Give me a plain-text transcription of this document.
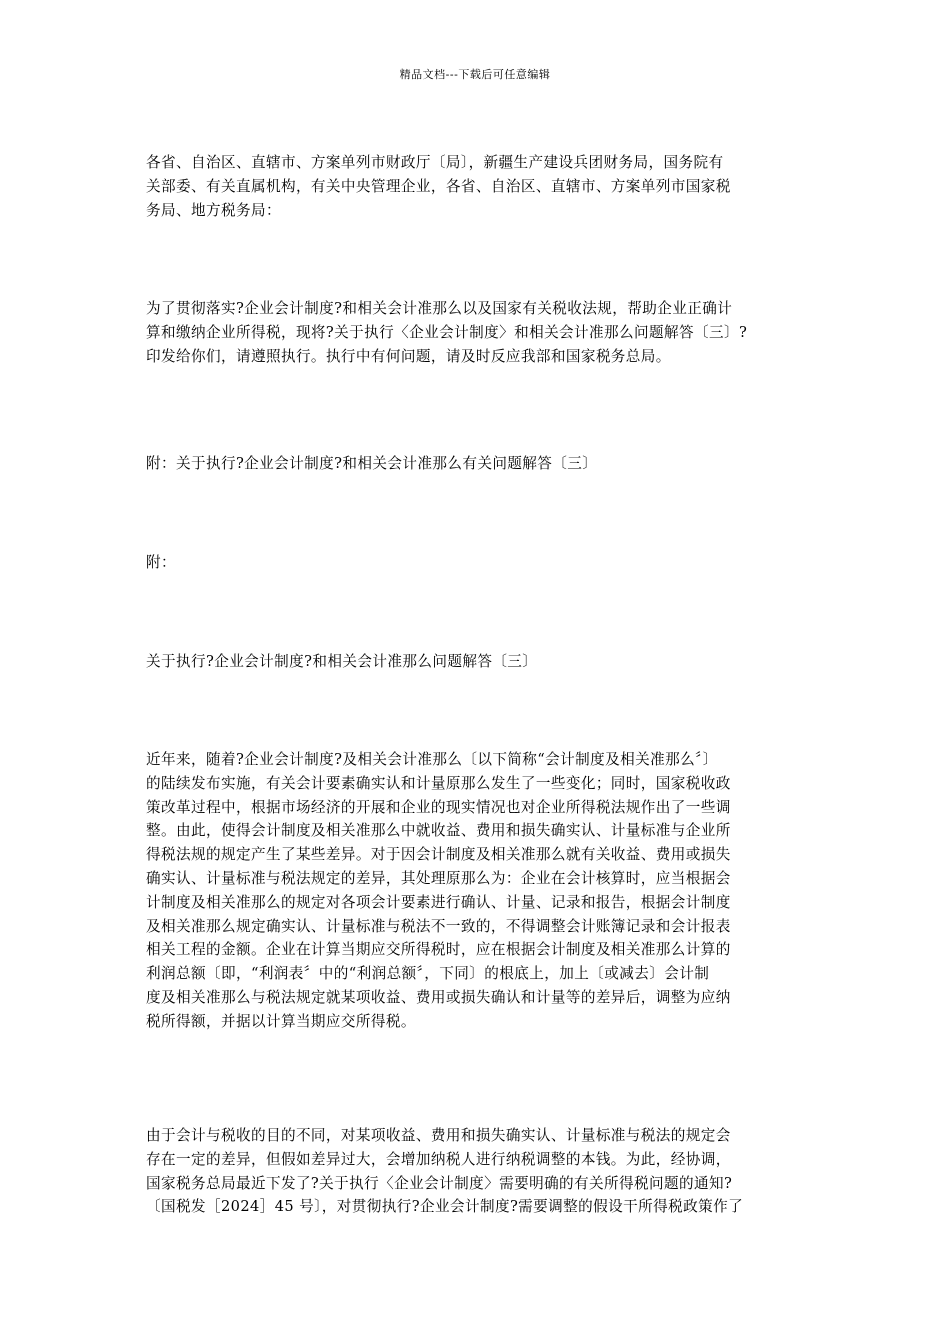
精品文档---下载后可任意编辑
各省、自治区、直辖市、方案单列市财政厅〔局〕，新疆生产建设兵团财务局，国务院有
关部委、有关直属机构，有关中央管理企业，各省、自治区、直辖市、方案单列市国家税
务局、地方税务局：
为了贯彻落实?企业会计制度?和相关会计准那么以及国家有关税收法规，帮助企业正确计
算和缴纳企业所得税，现将?关于执行〈企业会计制度〉和相关会计准那么问题解答〔三〕?
印发给你们，请遵照执行。执行中有何问题，请及时反应我部和国家税务总局。
附：关于执行?企业会计制度?和相关会计准那么有关问题解答〔三〕
附：
关于执行?企业会计制度?和相关会计准那么问题解答〔三〕
近年来，随着?企业会计制度?及相关会计准那么〔以下简称“会计制度及相关准那么〞〕
的陆续发布实施，有关会计要素确实认和计量原那么发生了一些变化；同时，国家税收政
策改革过程中，根据市场经济的开展和企业的现实情况也对企业所得税法规作出了一些调
整。由此，使得会计制度及相关准那么中就收益、费用和损失确实认、计量标准与企业所
得税法规的规定产生了某些差异。对于因会计制度及相关准那么就有关收益、费用或损失
确实认、计量标准与税法规定的差异，其处理原那么为：企业在会计核算时，应当根据会
计制度及相关准那么的规定对各项会计要素进行确认、计量、记录和报告，根据会计制度
及相关准那么规定确实认、计量标准与税法不一致的，不得调整会计账簿记录和会计报表
相关工程的金额。企业在计算当期应交所得税时，应在根据会计制度及相关准那么计算的
利润总额〔即，“利润表〞中的“利润总额〞，下同〕的根底上，加上〔或减去〕会计制
度及相关准那么与税法规定就某项收益、费用或损失确认和计量等的差异后，调整为应纳
税所得额，并据以计算当期应交所得税。
由于会计与税收的目的不同，对某项收益、费用和损失确实认、计量标准与税法的规定会
存在一定的差异，但假如差异过大，会增加纳税人进行纳税调整的本钱。为此，经协调，
国家税务总局最近下发了?关于执行〈企业会计制度〉需要明确的有关所得税问题的通知?
〔国税发［2024］45 号〕，对贯彻执行?企业会计制度?需要调整的假设干所得税政策作了
